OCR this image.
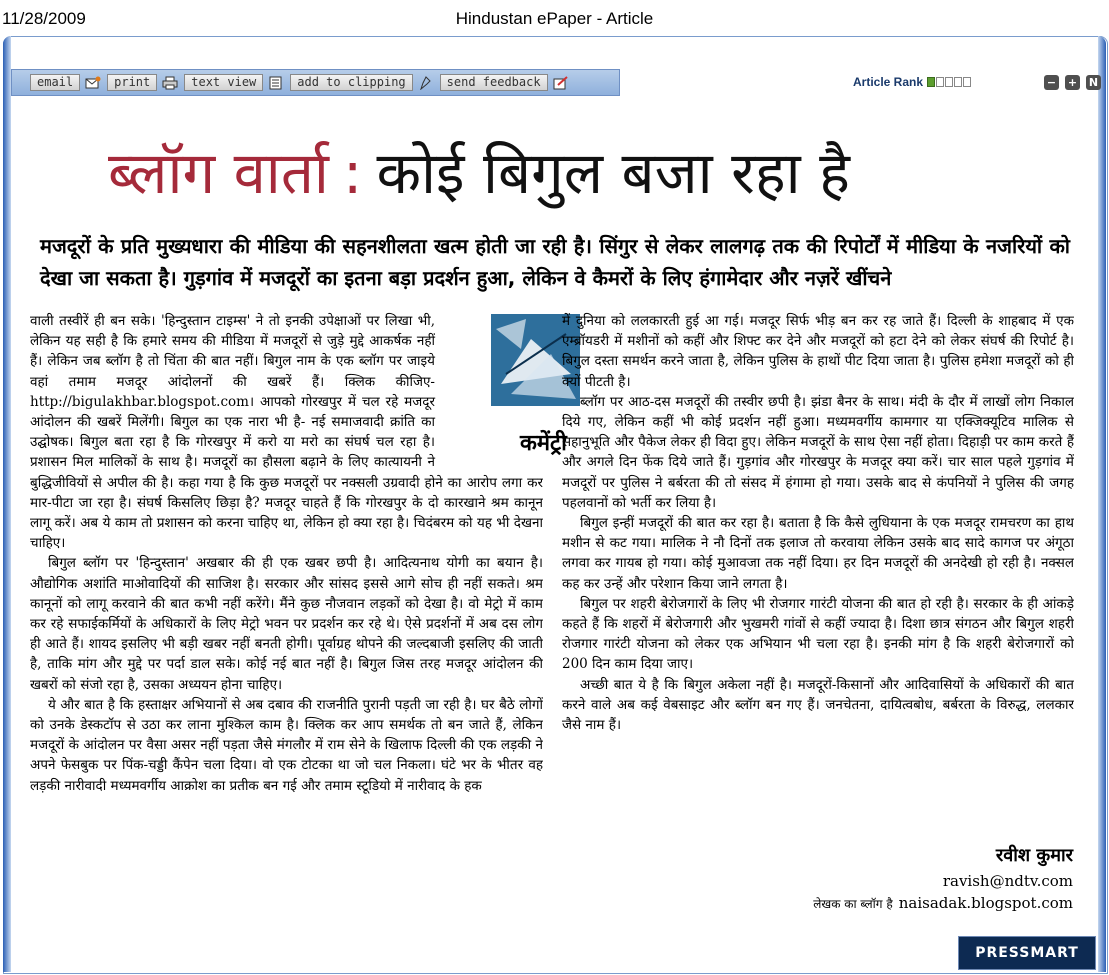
11/28/2009	Hindustan ePaper - Article
email	print	text view	add to clipping	send feedback	Article Rank	− + N
ब्लॉग वार्ता : कोई बिगुल बजा रहा है
मजदूरों के प्रति मुख्यधारा की मीडिया की सहनशीलता खत्म होती जा रही है। सिंगुर से लेकर लालगढ़ तक की रिपोर्टों में मीडिया के नजरियों को देखा जा सकता है। गुड़गांव में मजदूरों का इतना बड़ा प्रदर्शन हुआ, लेकिन वे कैमरों के लिए हंगामेदार और नज़रें खींचने
कमेंट्री

वाली तस्वीरें ही बन सके। 'हिन्दुस्तान टाइम्स' ने तो इनकी उपेक्षाओं पर लिखा भी, लेकिन यह सही है कि हमारे समय की मीडिया में मजदूरों से जुड़े मुद्दे आकर्षक नहीं हैं। लेकिन जब ब्लॉग है तो चिंता की बात नहीं। बिगुल नाम के एक ब्लॉग पर जाइये वहां तमाम मजदूर आंदोलनों की खबरें हैं। क्लिक कीजिए-http://bigulakhbar.blogspot.com। आपको गोरखपुर में चल रहे मजदूर आंदोलन की खबरें मिलेंगी। बिगुल का एक नारा भी है- नई समाजवादी क्रांति का उद्घोषक। बिगुल बता रहा है कि गोरखपुर में करो या मरो का संघर्ष चल रहा है। प्रशासन मिल मालिकों के साथ है। मजदूरों का हौसला बढ़ाने के लिए कात्यायनी ने बुद्धिजीवियों से अपील की है। कहा गया है कि कुछ मजदूरों पर नक्सली उग्रवादी होने का आरोप लगा कर मार-पीटा जा रहा है। संघर्ष किसलिए छिड़ा है? मजदूर चाहते हैं कि गोरखपुर के दो कारखाने श्रम कानून लागू करें। अब ये काम तो प्रशासन को करना चाहिए था, लेकिन हो क्या रहा है। चिदंबरम को यह भी देखना चाहिए।

बिगुल ब्लॉग पर 'हिन्दुस्तान' अखबार की ही एक खबर छपी है। आदित्यनाथ योगी का बयान है। औद्योगिक अशांति माओवादियों की साजिश है। सरकार और सांसद इससे आगे सोच ही नहीं सकते। श्रम कानूनों को लागू करवाने की बात कभी नहीं करेंगे। मैंने कुछ नौजवान लड़कों को देखा है। वो मेट्रो में काम कर रहे सफाईकर्मियों के अधिकारों के लिए मेट्रो भवन पर प्रदर्शन कर रहे थे। ऐसे प्रदर्शनों में अब दस लोग ही आते हैं। शायद इसलिए भी बड़ी खबर नहीं बनती होगी। पूर्वाग्रह थोपने की जल्दबाजी इसलिए की जाती है, ताकि मांग और मुद्दे पर पर्दा डाल सके। कोई नई बात नहीं है। बिगुल जिस तरह मजदूर आंदोलन की खबरों को संजो रहा है, उसका अध्ययन होना चाहिए।

ये और बात है कि हस्ताक्षर अभियानों से अब दबाव की राजनीति पुरानी पड़ती जा रही है। घर बैठे लोगों को उनके डेस्कटॉप से उठा कर लाना मुश्किल काम है। क्लिक कर आप समर्थक तो बन जाते हैं, लेकिन मजदूरों के आंदोलन पर वैसा असर नहीं पड़ता जैसे मंगलौर में राम सेने के खिलाफ दिल्ली की एक लड़की ने अपने फेसबुक पर पिंक-चड्डी कैंपेन चला दिया। वो एक टोटका था जो चल निकला। घंटे भर के भीतर वह लड़की नारीवादी मध्यमवर्गीय आक्रोश का प्रतीक बन गई और तमाम स्टूडियो में नारीवाद के हक

में दुनिया को ललकारती हुई आ गई। मजदूर सिर्फ भीड़ बन कर रह जाते हैं। दिल्ली के शाहबाद में एक एम्ब्रॉयडरी में मशीनों को कहीं और शिफ्ट कर देने और मजदूरों को हटा देने को लेकर संघर्ष की रिपोर्ट है। बिगुल दस्ता समर्थन करने जाता है, लेकिन पुलिस के हाथों पीट दिया जाता है। पुलिस हमेशा मजदूरों को ही क्यों पीटती है।

ब्लॉग पर आठ-दस मजदूरों की तस्वीर छपी है। झंडा बैनर के साथ। मंदी के दौर में लाखों लोग निकाल दिये गए, लेकिन कहीं भी कोई प्रदर्शन नहीं हुआ। मध्यमवर्गीय कामगार या एक्जिक्यूटिव मालिक से सहानुभूति और पैकेज लेकर ही विदा हुए। लेकिन मजदूरों के साथ ऐसा नहीं होता। दिहाड़ी पर काम करते हैं और अगले दिन फेंक दिये जाते हैं। गुड़गांव और गोरखपुर के मजदूर क्या करें। चार साल पहले गुड़गांव में मजदूरों पर पुलिस ने बर्बरता की तो संसद में हंगामा हो गया। उसके बाद से कंपनियों ने पुलिस की जगह पहलवानों को भर्ती कर लिया है।

बिगुल इन्हीं मजदूरों की बात कर रहा है। बताता है कि कैसे लुधियाना के एक मजदूर रामचरण का हाथ मशीन से कट गया। मालिक ने नौ दिनों तक इलाज तो करवाया लेकिन उसके बाद सादे कागज पर अंगूठा लगवा कर गायब हो गया। कोई मुआवजा तक नहीं दिया। हर दिन मजदूरों की अनदेखी हो रही है। नक्सल कह कर उन्हें और परेशान किया जाने लगता है।

बिगुल पर शहरी बेरोजगारों के लिए भी रोजगार गारंटी योजना की बात हो रही है। सरकार के ही आंकड़े कहते हैं कि शहरों में बेरोजगारी और भुखमरी गांवों से कहीं ज्यादा है। दिशा छात्र संगठन और बिगुल शहरी रोजगार गारंटी योजना को लेकर एक अभियान भी चला रहा है। इनकी मांग है कि शहरी बेरोजगारों को 200 दिन काम दिया जाए।

अच्छी बात ये है कि बिगुल अकेला नहीं है। मजदूरों-किसानों और आदिवासियों के अधिकारों की बात करने वाले अब कई वेबसाइट और ब्लॉग बन गए हैं। जनचेतना, दायित्वबोध, बर्बरता के विरुद्ध, ललकार जैसे नाम हैं।

रवीश कुमार
ravish@ndtv.com
लेखक का ब्लॉग है naisadak.blogspot.com
PRESSMART
